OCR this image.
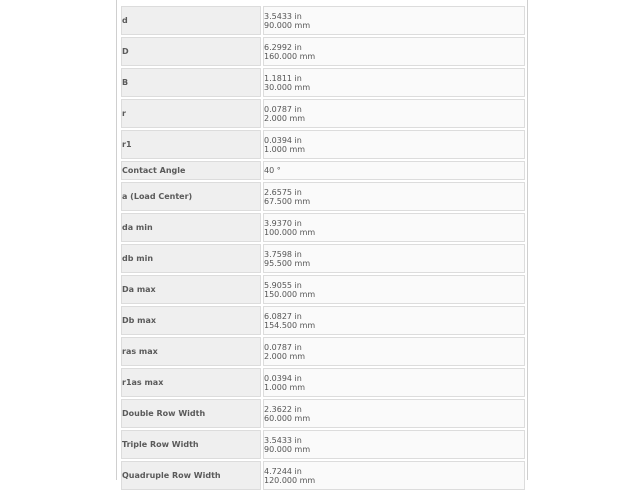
d	3.5433 in
90.000 mm

D	6.2992 in
160.000 mm

B	1.1811 in
30.000 mm

r	0.0787 in
2.000 mm

r1	0.0394 in
1.000 mm

Contact Angle	40 °

a (Load Center)	2.6575 in
67.500 mm

da min	3.9370 in
100.000 mm

db min	3.7598 in
95.500 mm

Da max	5.9055 in
150.000 mm

Db max	6.0827 in
154.500 mm

ras max	0.0787 in
2.000 mm

r1as max	0.0394 in
1.000 mm

Double Row Width	2.3622 in
60.000 mm

Triple Row Width	3.5433 in
90.000 mm

Quadruple Row Width	4.7244 in
120.000 mm
